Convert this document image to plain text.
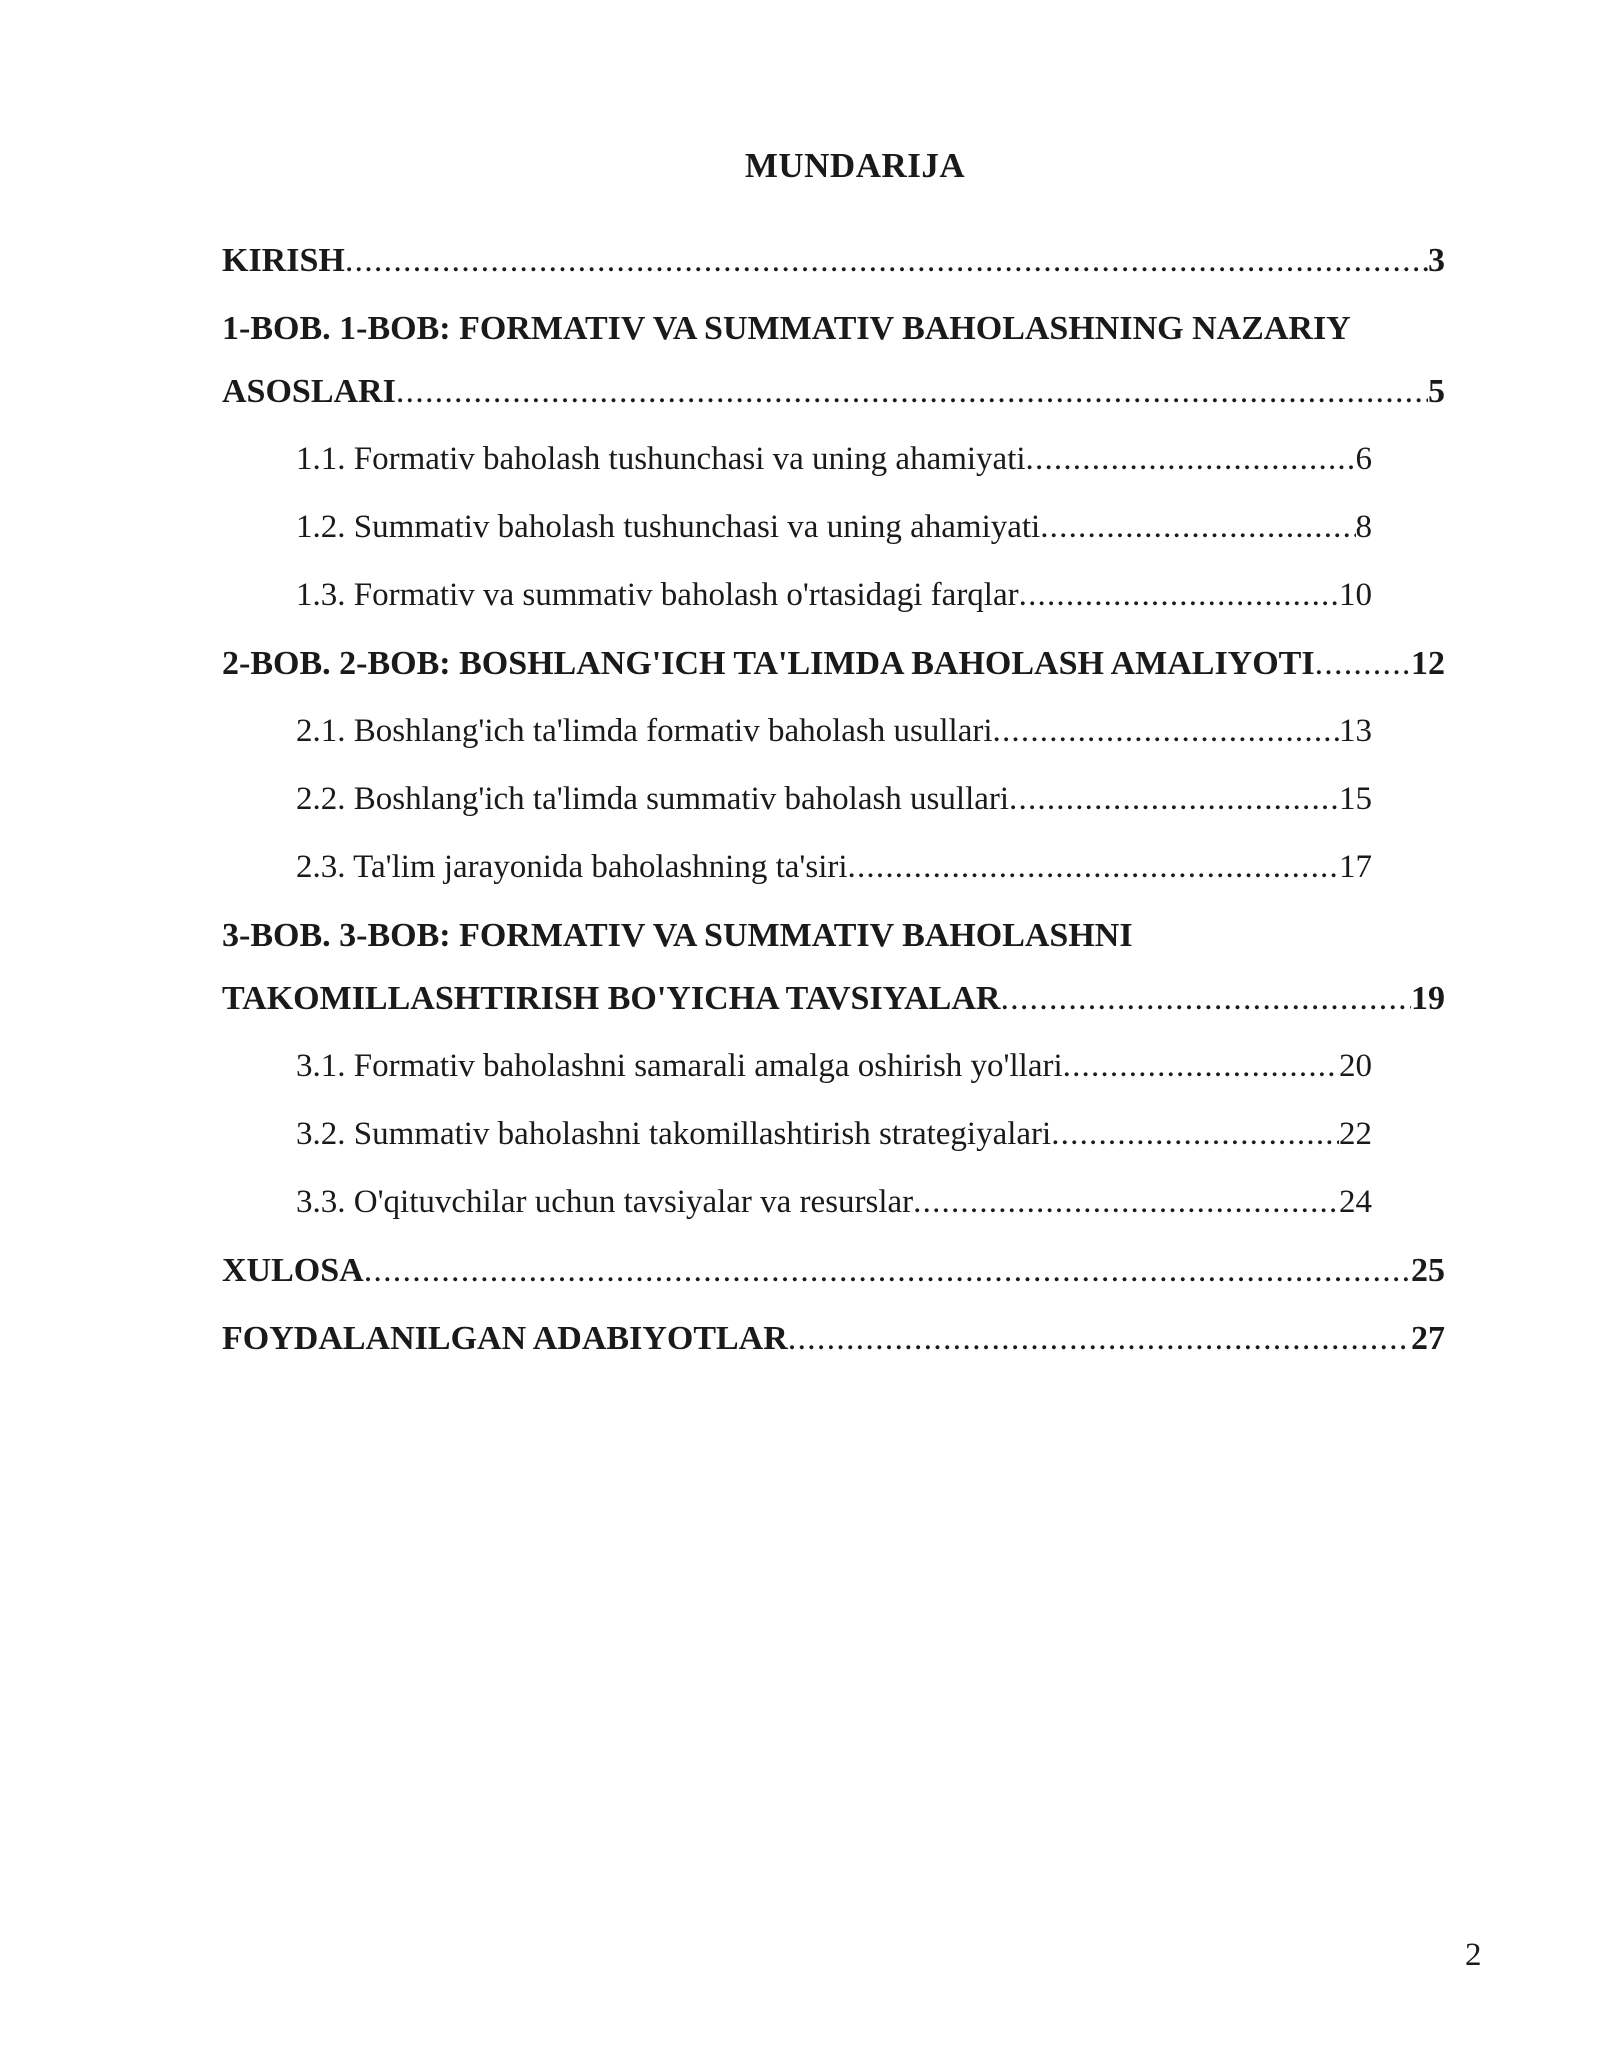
MUNDARIJA
KIRISH .....	3
1-BOB. 1-BOB: FORMATIV VA SUMMATIV BAHOLASHNING NAZARIY
ASOSLARI .....	5
1.1. Formativ baholash tushunchasi va uning ahamiyati .....	6
1.2. Summativ baholash tushunchasi va uning ahamiyati .....	8
1.3. Formativ va summativ baholash o'rtasidagi farqlar .....	10
2-BOB. 2-BOB: BOSHLANG'ICH TA'LIMDA BAHOLASH AMALIYOTI .....	12
2.1. Boshlang'ich ta'limda formativ baholash usullari .....	13
2.2. Boshlang'ich ta'limda summativ baholash usullari .....	15
2.3. Ta'lim jarayonida baholashning ta'siri .....	17
3-BOB. 3-BOB: FORMATIV VA SUMMATIV BAHOLASHNI
TAKOMILLASHTIRISH BO'YICHA TAVSIYALAR .....	19
3.1. Formativ baholashni samarali amalga oshirish yo'llari .....	20
3.2. Summativ baholashni takomillashtirish strategiyalari .....	22
3.3. O'qituvchilar uchun tavsiyalar va resurslar .....	24
XULOSA .....	25
FOYDALANILGAN ADABIYOTLAR .....	27
2
